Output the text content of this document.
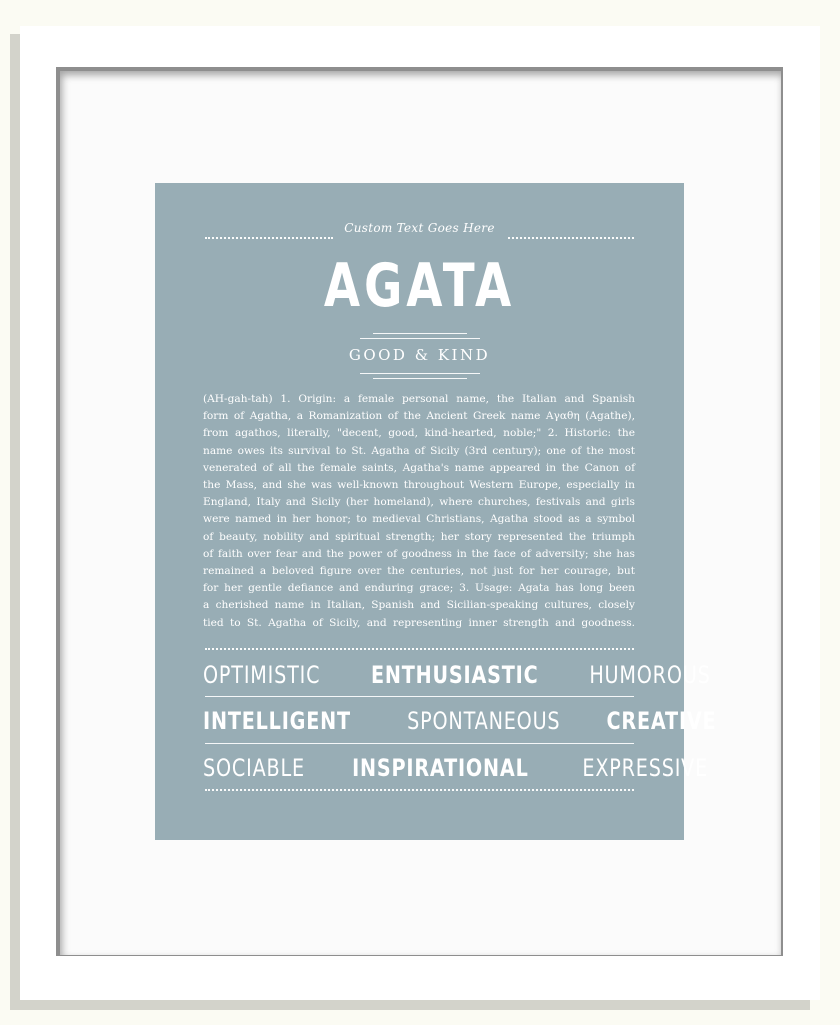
Custom Text Goes Here
AGATA
GOOD & KIND

(AH-gah-tah) 1. Origin: a female personal name, the Italian and Spanish

form of Agatha, a Romanization of the Ancient Greek name Αγαθη (Agathe),

from agathos, literally, "decent, good, kind-hearted, noble;" 2. Historic: the

name owes its survival to St. Agatha of Sicily (3rd century); one of the most

venerated of all the female saints, Agatha's name appeared in the Canon of

the Mass, and she was well-known throughout Western Europe, especially in

England, Italy and Sicily (her homeland), where churches, festivals and girls

were named in her honor; to medieval Christians, Agatha stood as a symbol

of beauty, nobility and spiritual strength; her story represented the triumph

of faith over fear and the power of goodness in the face of adversity; she has

remained a beloved figure over the centuries, not just for her courage, but

for her gentle defiance and enduring grace; 3. Usage: Agata has long been

a cherished name in Italian, Spanish and Sicilian-speaking cultures, closely

tied to St. Agatha of Sicily, and representing inner strength and goodness.

OPTIMISTIC ENTHUSIASTIC HUMOROUS
INTELLIGENT SPONTANEOUS CREATIVE
SOCIABLE INSPIRATIONAL EXPRESSIVE
